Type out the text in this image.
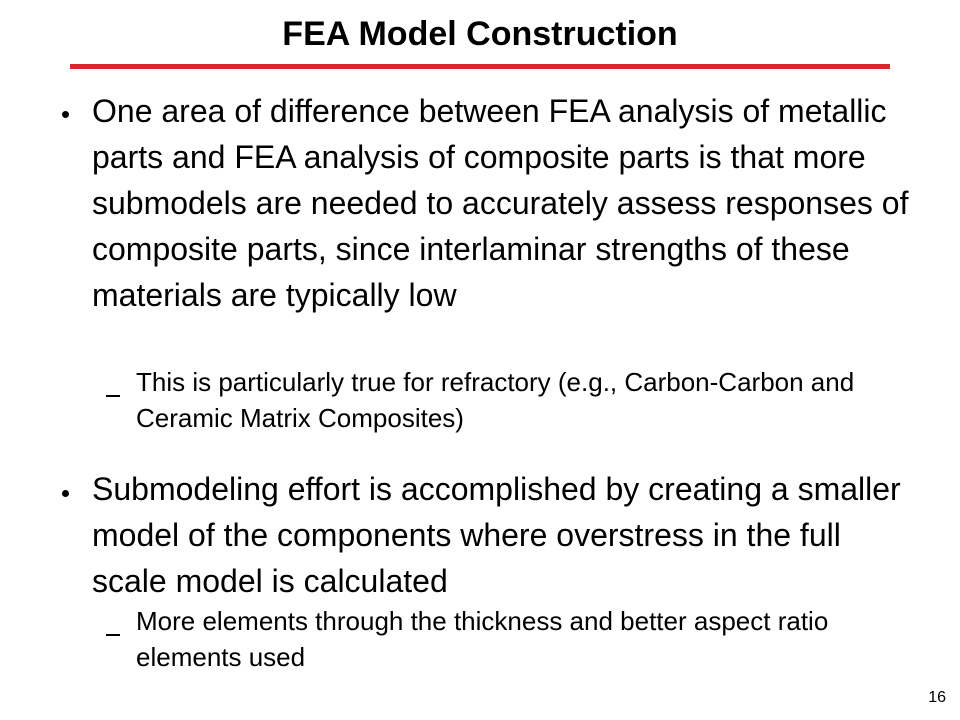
FEA Model Construction
One area of difference between FEA analysis of metallic parts and FEA analysis of composite parts is that more submodels are needed to accurately assess responses of composite parts, since interlaminar strengths of these materials are typically low
This is particularly true for refractory (e.g., Carbon-Carbon and Ceramic Matrix Composites)
Submodeling effort is accomplished by creating a smaller model of the components where overstress in the full scale model is calculated
More elements through the thickness and better aspect ratio elements used
16
